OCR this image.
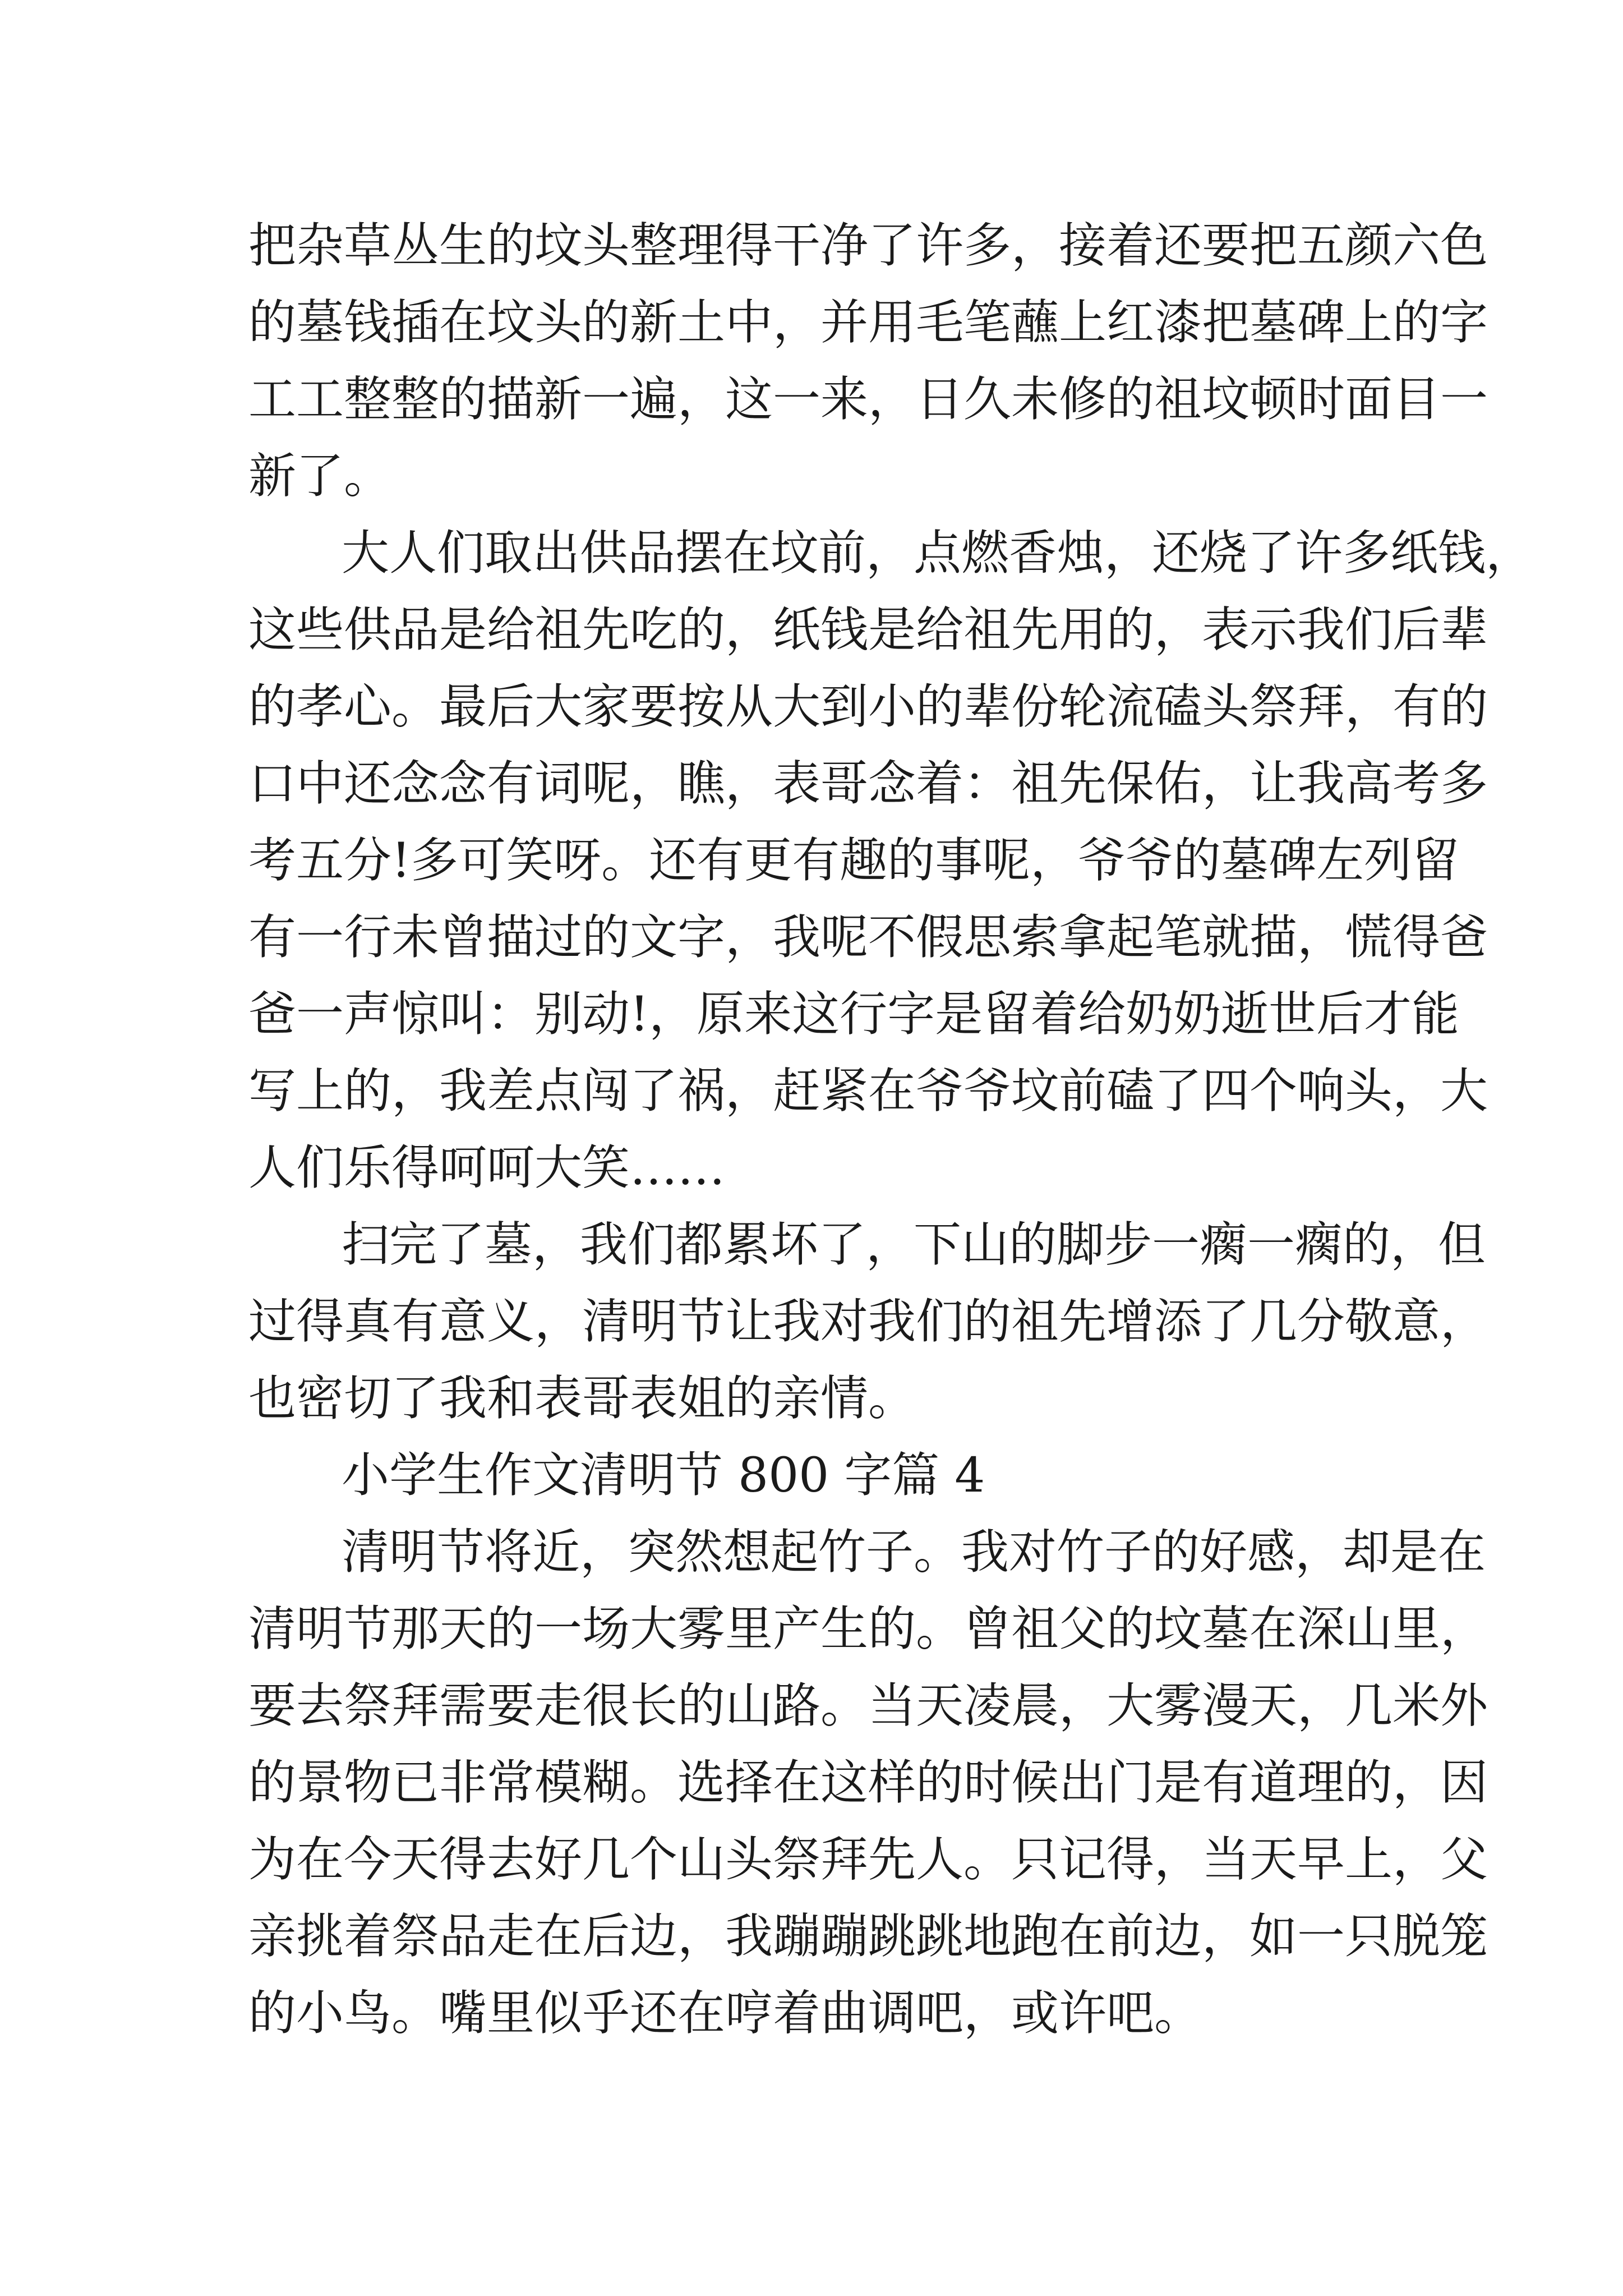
把杂草丛生的坟头整理得干净了许多，接着还要把五颜六色
的墓钱插在坟头的新土中，并用毛笔蘸上红漆把墓碑上的字
工工整整的描新一遍，这一来，日久未修的祖坟顿时面目一
新了。
大人们取出供品摆在坟前，点燃香烛，还烧了许多纸钱，
这些供品是给祖先吃的，纸钱是给祖先用的，表示我们后辈
的孝心。最后大家要按从大到小的辈份轮流磕头祭拜，有的
口中还念念有词呢，瞧，表哥念着：祖先保佑，让我高考多
考五分!多可笑呀。还有更有趣的事呢，爷爷的墓碑左列留
有一行未曾描过的文字，我呢不假思索拿起笔就描，慌得爸
爸一声惊叫：别动!，原来这行字是留着给奶奶逝世后才能
写上的，我差点闯了祸，赶紧在爷爷坟前磕了四个响头，大
人们乐得呵呵大笑……
扫完了墓，我们都累坏了，下山的脚步一瘸一瘸的，但
过得真有意义，清明节让我对我们的祖先增添了几分敬意，
也密切了我和表哥表姐的亲情。
小学生作文清明节 800 字篇 4
清明节将近，突然想起竹子。我对竹子的好感，却是在
清明节那天的一场大雾里产生的。曾祖父的坟墓在深山里，
要去祭拜需要走很长的山路。当天凌晨，大雾漫天，几米外
的景物已非常模糊。选择在这样的时候出门是有道理的，因
为在今天得去好几个山头祭拜先人。只记得，当天早上，父
亲挑着祭品走在后边，我蹦蹦跳跳地跑在前边，如一只脱笼
的小鸟。嘴里似乎还在哼着曲调吧，或许吧。
